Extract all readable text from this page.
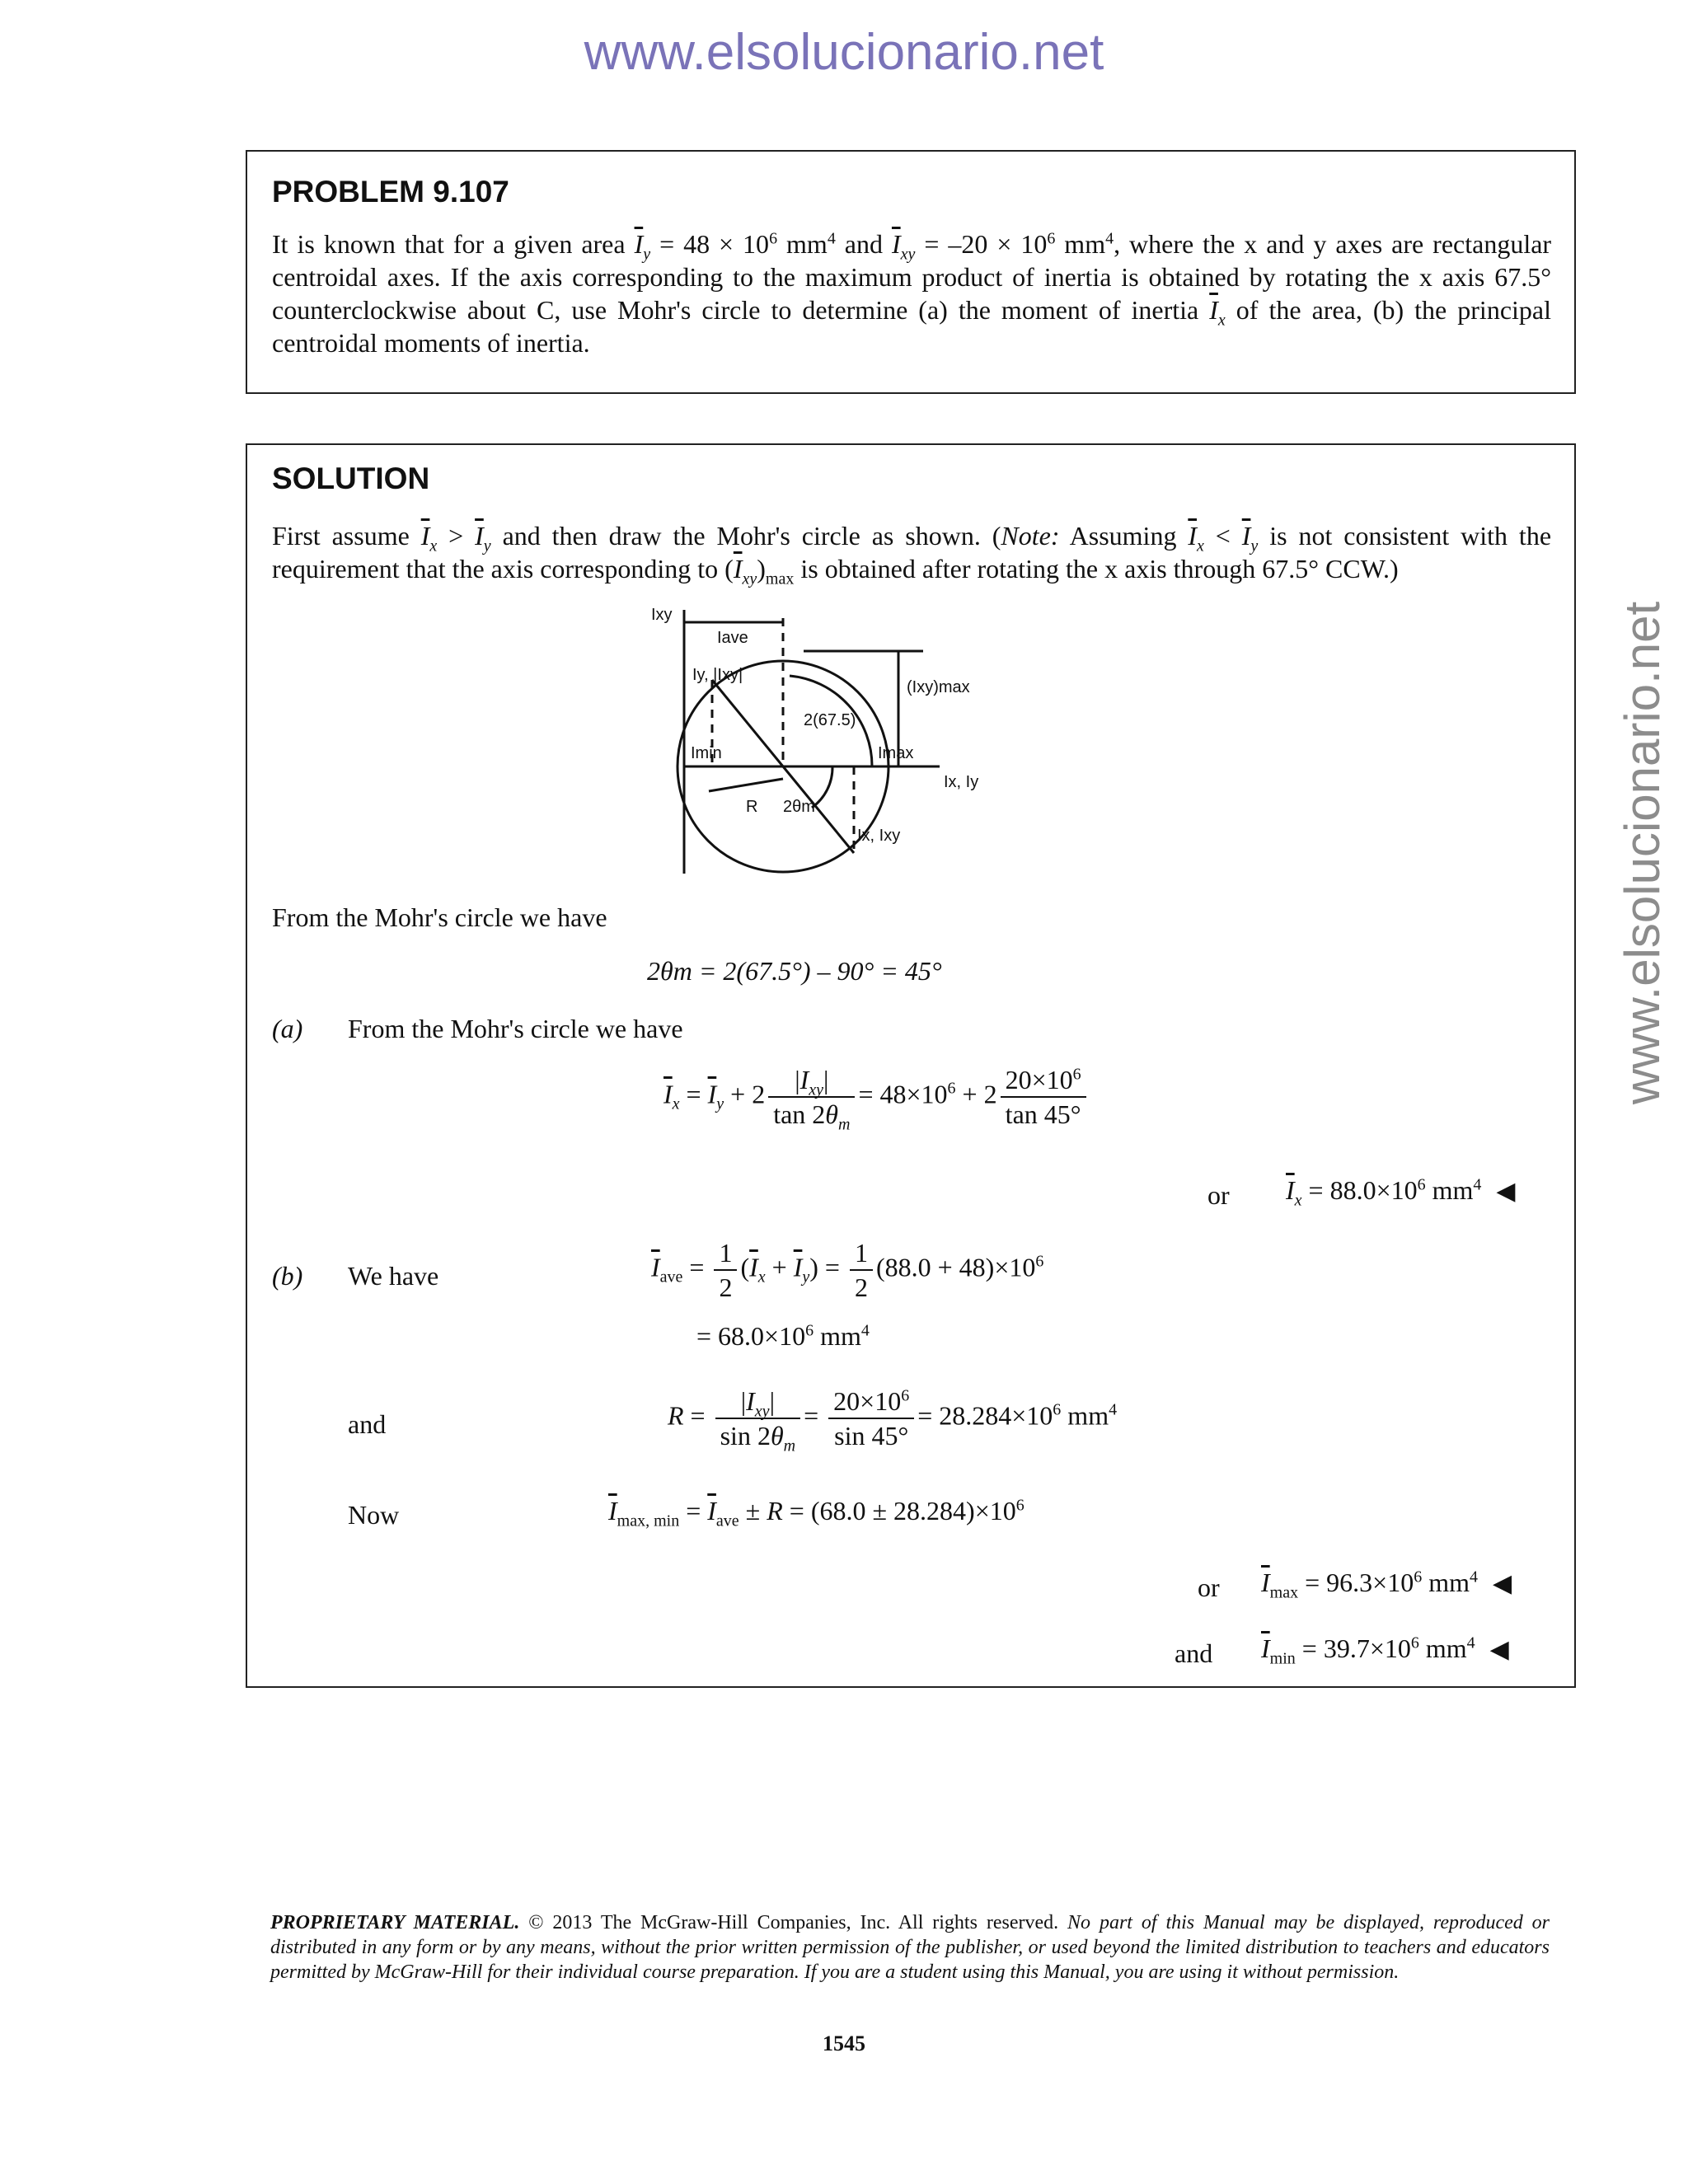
www.elsolucionario.net
www.elsolucionario.net
PROBLEM 9.107
It is known that for a given area $\overline{I}_y = 48 \times 10^6$ $mm^4$ and $\overline{I}_{xy} = -20 \times 10^6$ $mm^4$, where the x and y axes are rectangular centroidal axes. If the axis corresponding to the maximum product of inertia is obtained by rotating the x axis 67.5° counterclockwise about C, use Mohr's circle to determine (a) the moment of inertia $\overline{I}_x$ of the area, (b) the principal centroidal moments of inertia.
SOLUTION
First assume $\overline{I}_x > \overline{I}_y$ and then draw the Mohr's circle as shown. (Note: Assuming $\overline{I}_x < \overline{I}_y$ is not consistent with the requirement that the axis corresponding to $(\overline{I}_{xy})_{max}$ is obtained after rotating the x axis through 67.5° CCW.)
Ixy
Iave
Iy, |Ixy|
(Ixy)max
2(67.5)
Imin	Imax
Ix, Iy
R 2θm
Ix, Ixy
From the Mohr's circle we have
2θm = 2(67.5°) – 90° = 45°
(a) From the Mohr's circle we have
$\overline{I}_x = \overline{I}_y + 2 \frac{|I_{xy}|}{\tan 2\theta_m} = 48\times 10^6 + 2 \frac{20\times 10^6}{\tan 45^\circ}$
or $\overline{I}_x = 88.0\times 10^6$ $mm^4$ ◀
(b) We have	$\overline{I}_{ave} = \frac{1}{2} (\overline{I}_x + \overline{I}_y) = \frac{1}{2} (88.0 + 48)\times 10^6$
= $68.0\times 10^6$ $mm^4$
and	$R = \frac{|I_{xy}|}{\sin 2\theta_m} = \frac{20\times 10^6}{\sin 45^\circ} = 28.284\times 10^6$ $mm^4$
Now	$\overline{I}_{max, min} = \overline{I}_{ave} \pm R = (68.0 \pm 28.284)\times 10^6$
or $\overline{I}_{max} = 96.3\times 10^6$ $mm^4$ ◀
and $\overline{I}_{min} = 39.7\times 10^6$ $mm^4$ ◀
PROPRIETARY MATERIAL. © 2013 The McGraw-Hill Companies, Inc. All rights reserved. No part of this Manual may be displayed, reproduced or distributed in any form or by any means, without the prior written permission of the publisher, or used beyond the limited distribution to teachers and educators permitted by McGraw-Hill for their individual course preparation. If you are a student using this Manual, you are using it without permission.
1545
